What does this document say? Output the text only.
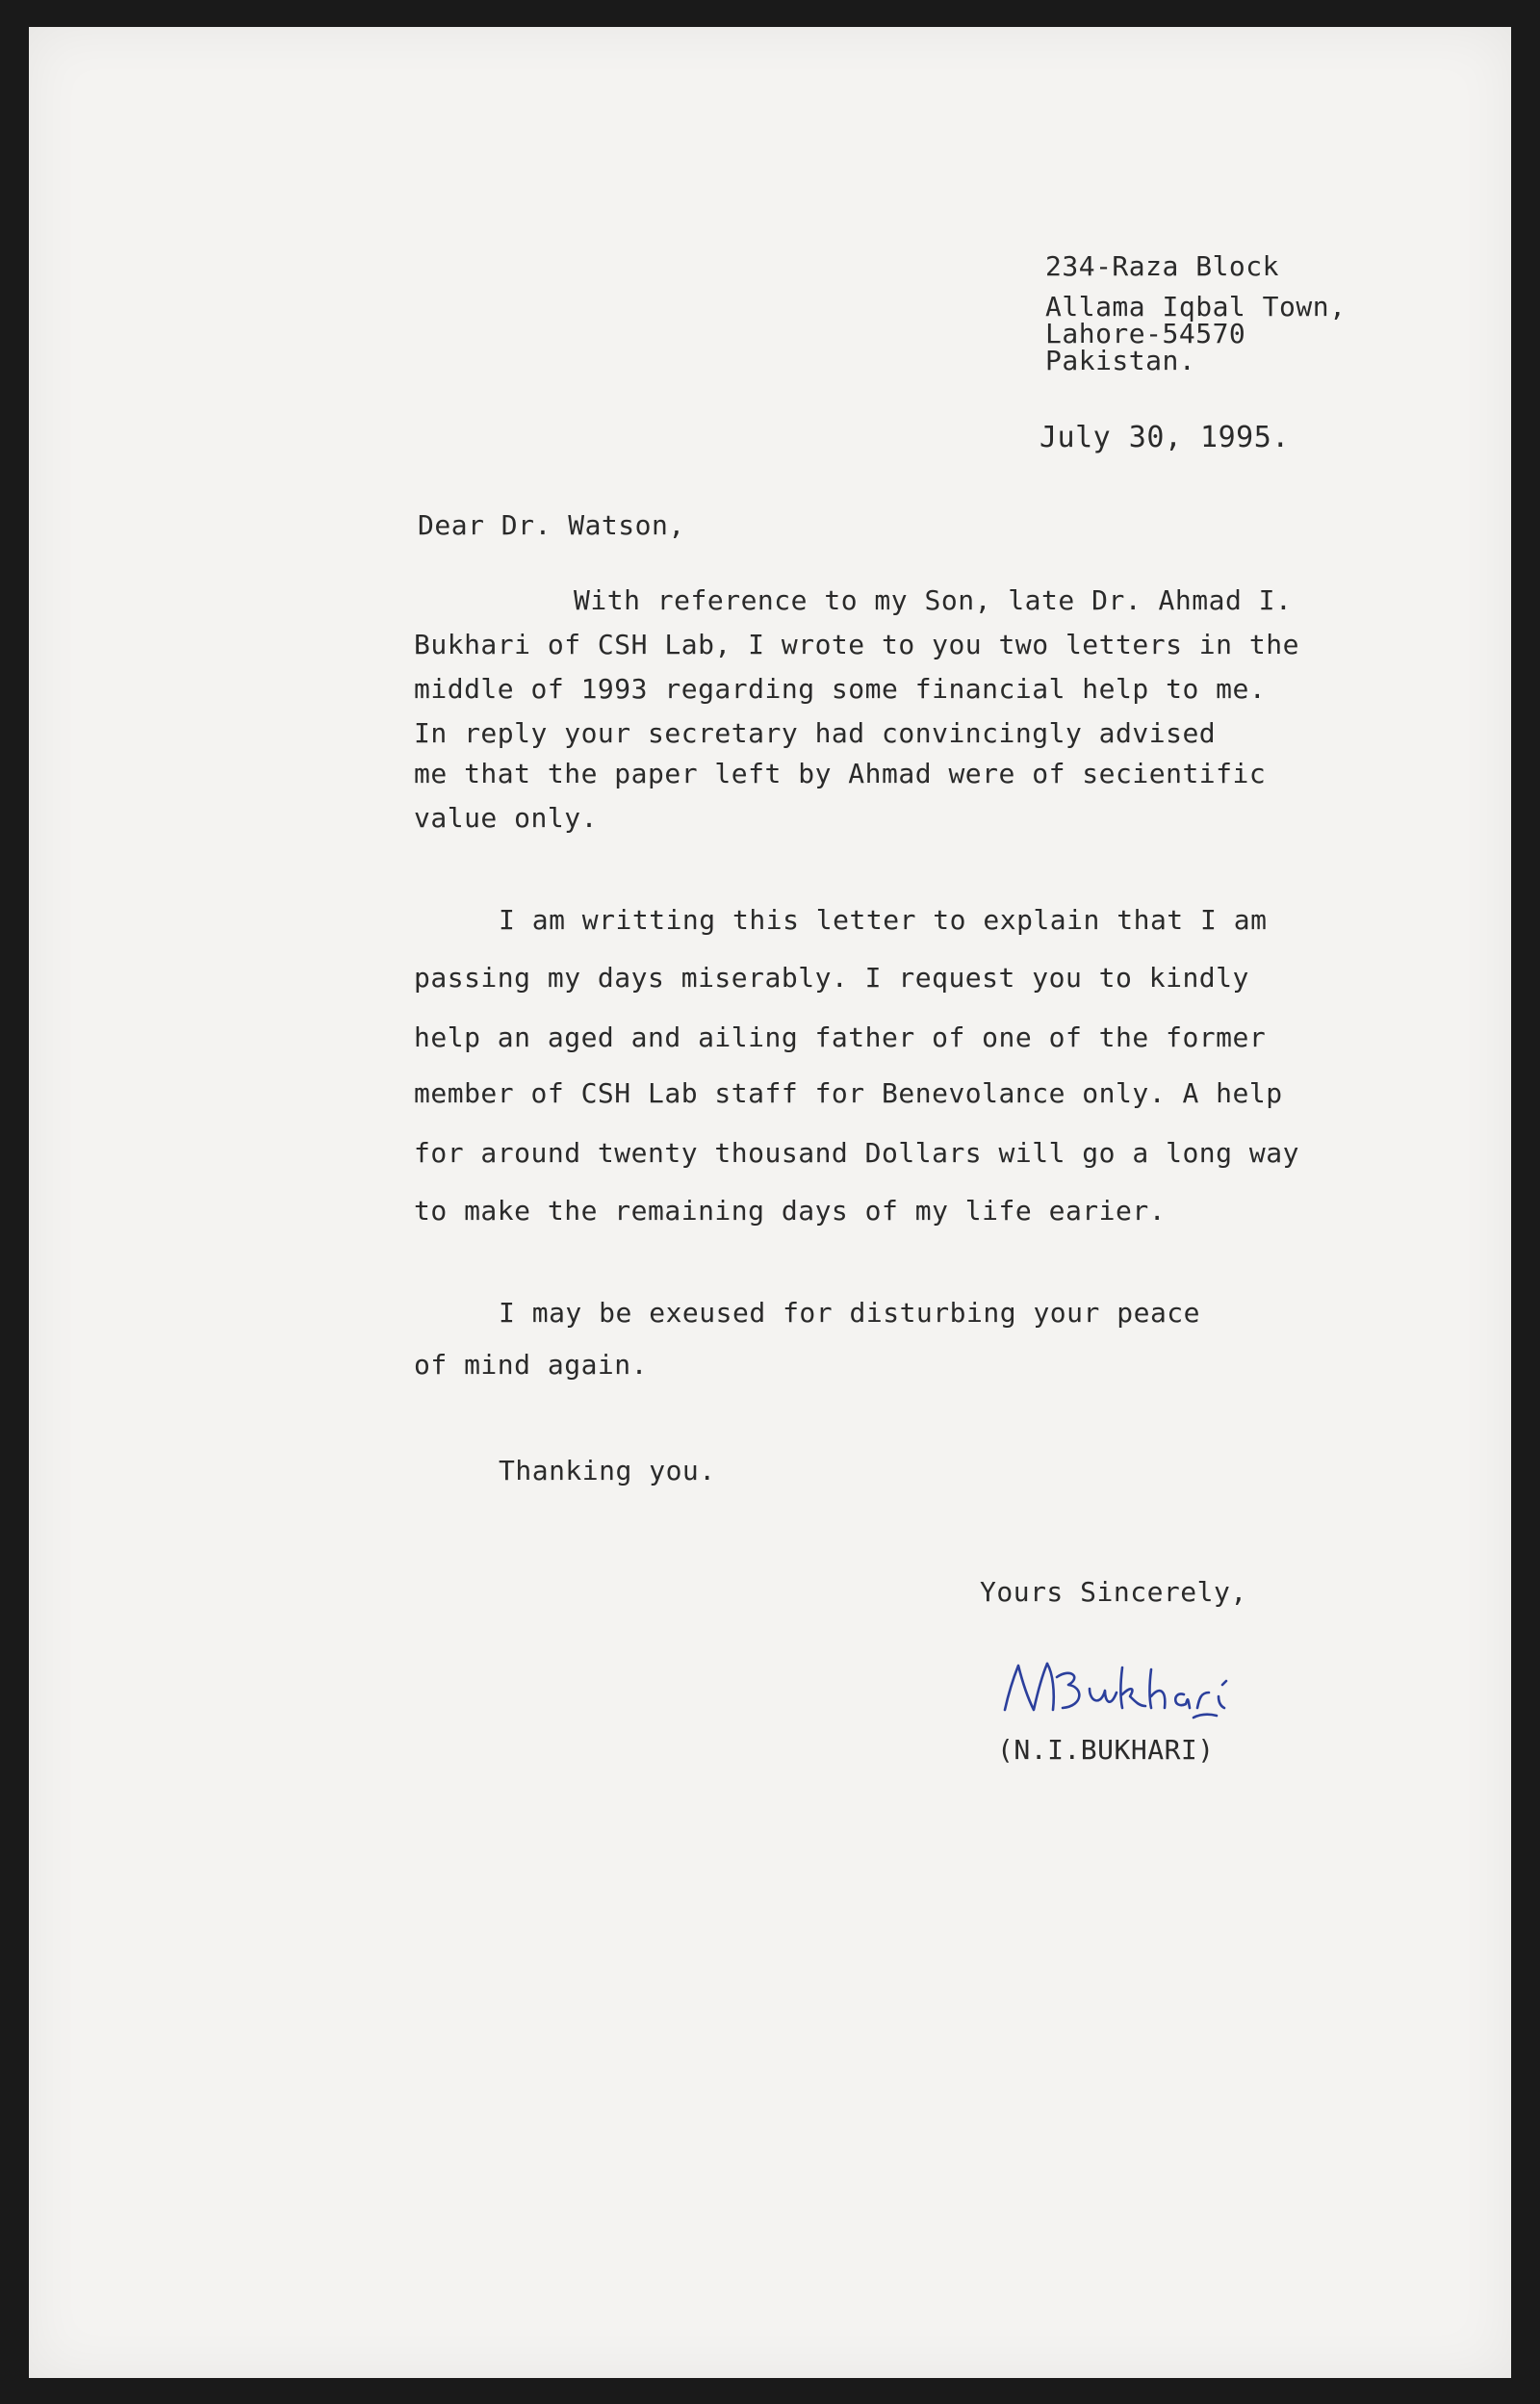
234-Raza Block
Allama Iqbal Town,
Lahore-54570
Pakistan.
July 30, 1995.
Dear Dr. Watson,
With reference to my Son, late Dr. Ahmad I.
Bukhari of CSH Lab, I wrote to you two letters in the
middle of 1993 regarding some financial help to me.
In reply your secretary had convincingly advised
me that the paper left by Ahmad were of secientific
value only.
I am writting this letter to explain that I am
passing my days miserably. I request you to kindly
help an aged and ailing father of one of the former
member of CSH Lab staff for Benevolance only. A help
for around twenty thousand Dollars will go a long way
to make the remaining days of my life earier.
I may be exeused for disturbing your peace
of mind again.
Thanking you.
Yours Sincerely,
(N.I.BUKHARI)
